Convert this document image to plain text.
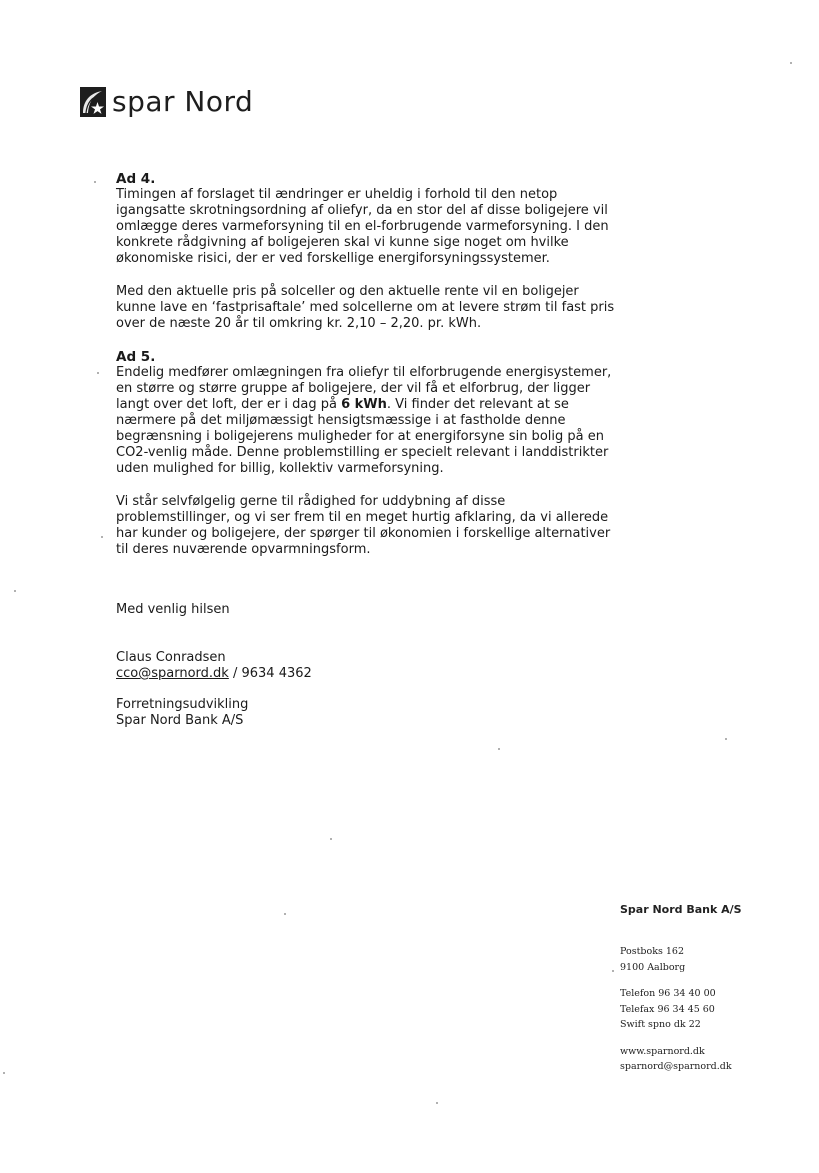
spar Nord
Ad 4.

Timingen af forslaget til ændringer er uheldig i forhold til den netop igangsatte skrotningsordning af oliefyr, da en stor del af disse boligejere vil omlægge deres varmeforsyning til en el-forbrugende varmeforsyning. I den konkrete rådgivning af boligejeren skal vi kunne sige noget om hvilke økonomiske risici, der er ved forskellige energiforsyningssystemer.

Med den aktuelle pris på solceller og den aktuelle rente vil en boligejer kunne lave en ‘fastprisaftale’ med solcellerne om at levere strøm til fast pris over de næste 20 år til omkring kr. 2,10 – 2,20. pr. kWh.

Ad 5.

Endelig medfører omlægningen fra oliefyr til elforbrugende energisystemer, en større og større gruppe af boligejere, der vil få et elforbrug, der ligger langt over det loft, der er i dag på 6 kWh. Vi finder det relevant at se nærmere på det miljømæssigt hensigtsmæssige i at fastholde denne begrænsning i boligejerens muligheder for at energiforsyne sin bolig på en CO2-venlig måde. Denne problemstilling er specielt relevant i landdistrikter uden mulighed for billig, kollektiv varmeforsyning.

Vi står selvfølgelig gerne til rådighed for uddybning af disse problemstillinger, og vi ser frem til en meget hurtig afklaring, da vi allerede har kunder og boligejere, der spørger til økonomien i forskellige alternativer til deres nuværende opvarmningsform.

Med venlig hilsen
Claus Conradsen
cco@sparnord.dk / 9634 4362
Forretningsudvikling
Spar Nord Bank A/S
Spar Nord Bank A/S
Postboks 162
9100 Aalborg
Telefon 96 34 40 00
Telefax 96 34 45 60
Swift spno dk 22
www.sparnord.dk
sparnord@sparnord.dk
